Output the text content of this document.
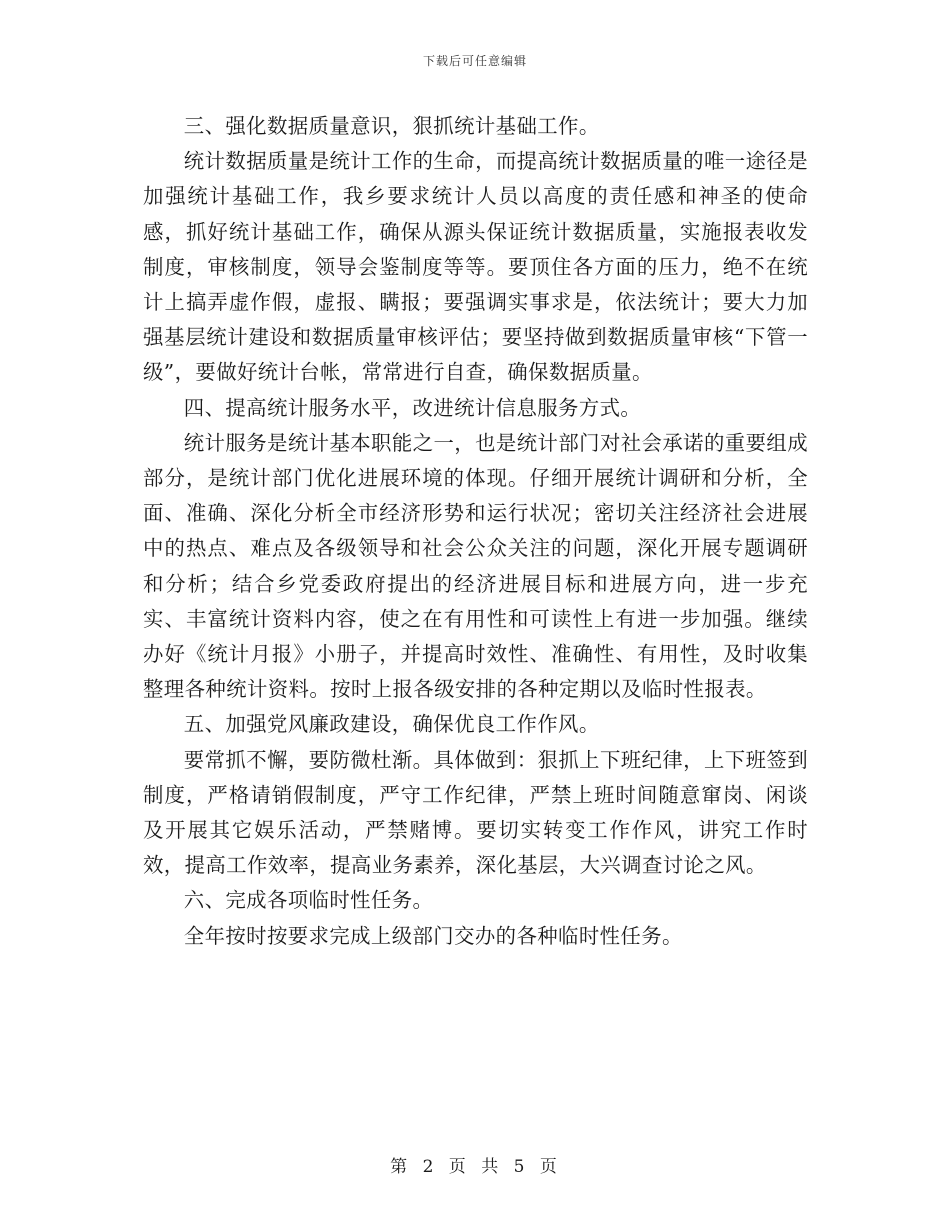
下载后可任意编辑

三、强化数据质量意识，狠抓统计基础工作。

统计数据质量是统计工作的生命，而提高统计数据质量的唯一途径是加强统计基础工作，我乡要求统计人员以高度的责任感和神圣的使命感，抓好统计基础工作，确保从源头保证统计数据质量，实施报表收发制度，审核制度，领导会鉴制度等等。要顶住各方面的压力，绝不在统计上搞弄虚作假，虚报、瞒报；要强调实事求是，依法统计；要大力加强基层统计建设和数据质量审核评估；要坚持做到数据质量审核“下管一级”，要做好统计台帐，常常进行自查，确保数据质量。

四、提高统计服务水平，改进统计信息服务方式。

统计服务是统计基本职能之一，也是统计部门对社会承诺的重要组成部分，是统计部门优化进展环境的体现。仔细开展统计调研和分析，全面、准确、深化分析全市经济形势和运行状况；密切关注经济社会进展中的热点、难点及各级领导和社会公众关注的问题，深化开展专题调研和分析；结合乡党委政府提出的经济进展目标和进展方向，进一步充实、丰富统计资料内容，使之在有用性和可读性上有进一步加强。继续办好《统计月报》小册子，并提高时效性、准确性、有用性，及时收集整理各种统计资料。按时上报各级安排的各种定期以及临时性报表。

五、加强党风廉政建设，确保优良工作作风。

要常抓不懈，要防微杜渐。具体做到：狠抓上下班纪律，上下班签到制度，严格请销假制度，严守工作纪律，严禁上班时间随意窜岗、闲谈及开展其它娱乐活动，严禁赌博。要切实转变工作作风，讲究工作时效，提高工作效率，提高业务素养，深化基层，大兴调查讨论之风。

六、完成各项临时性任务。

全年按时按要求完成上级部门交办的各种临时性任务。

第 2 页 共 5 页
